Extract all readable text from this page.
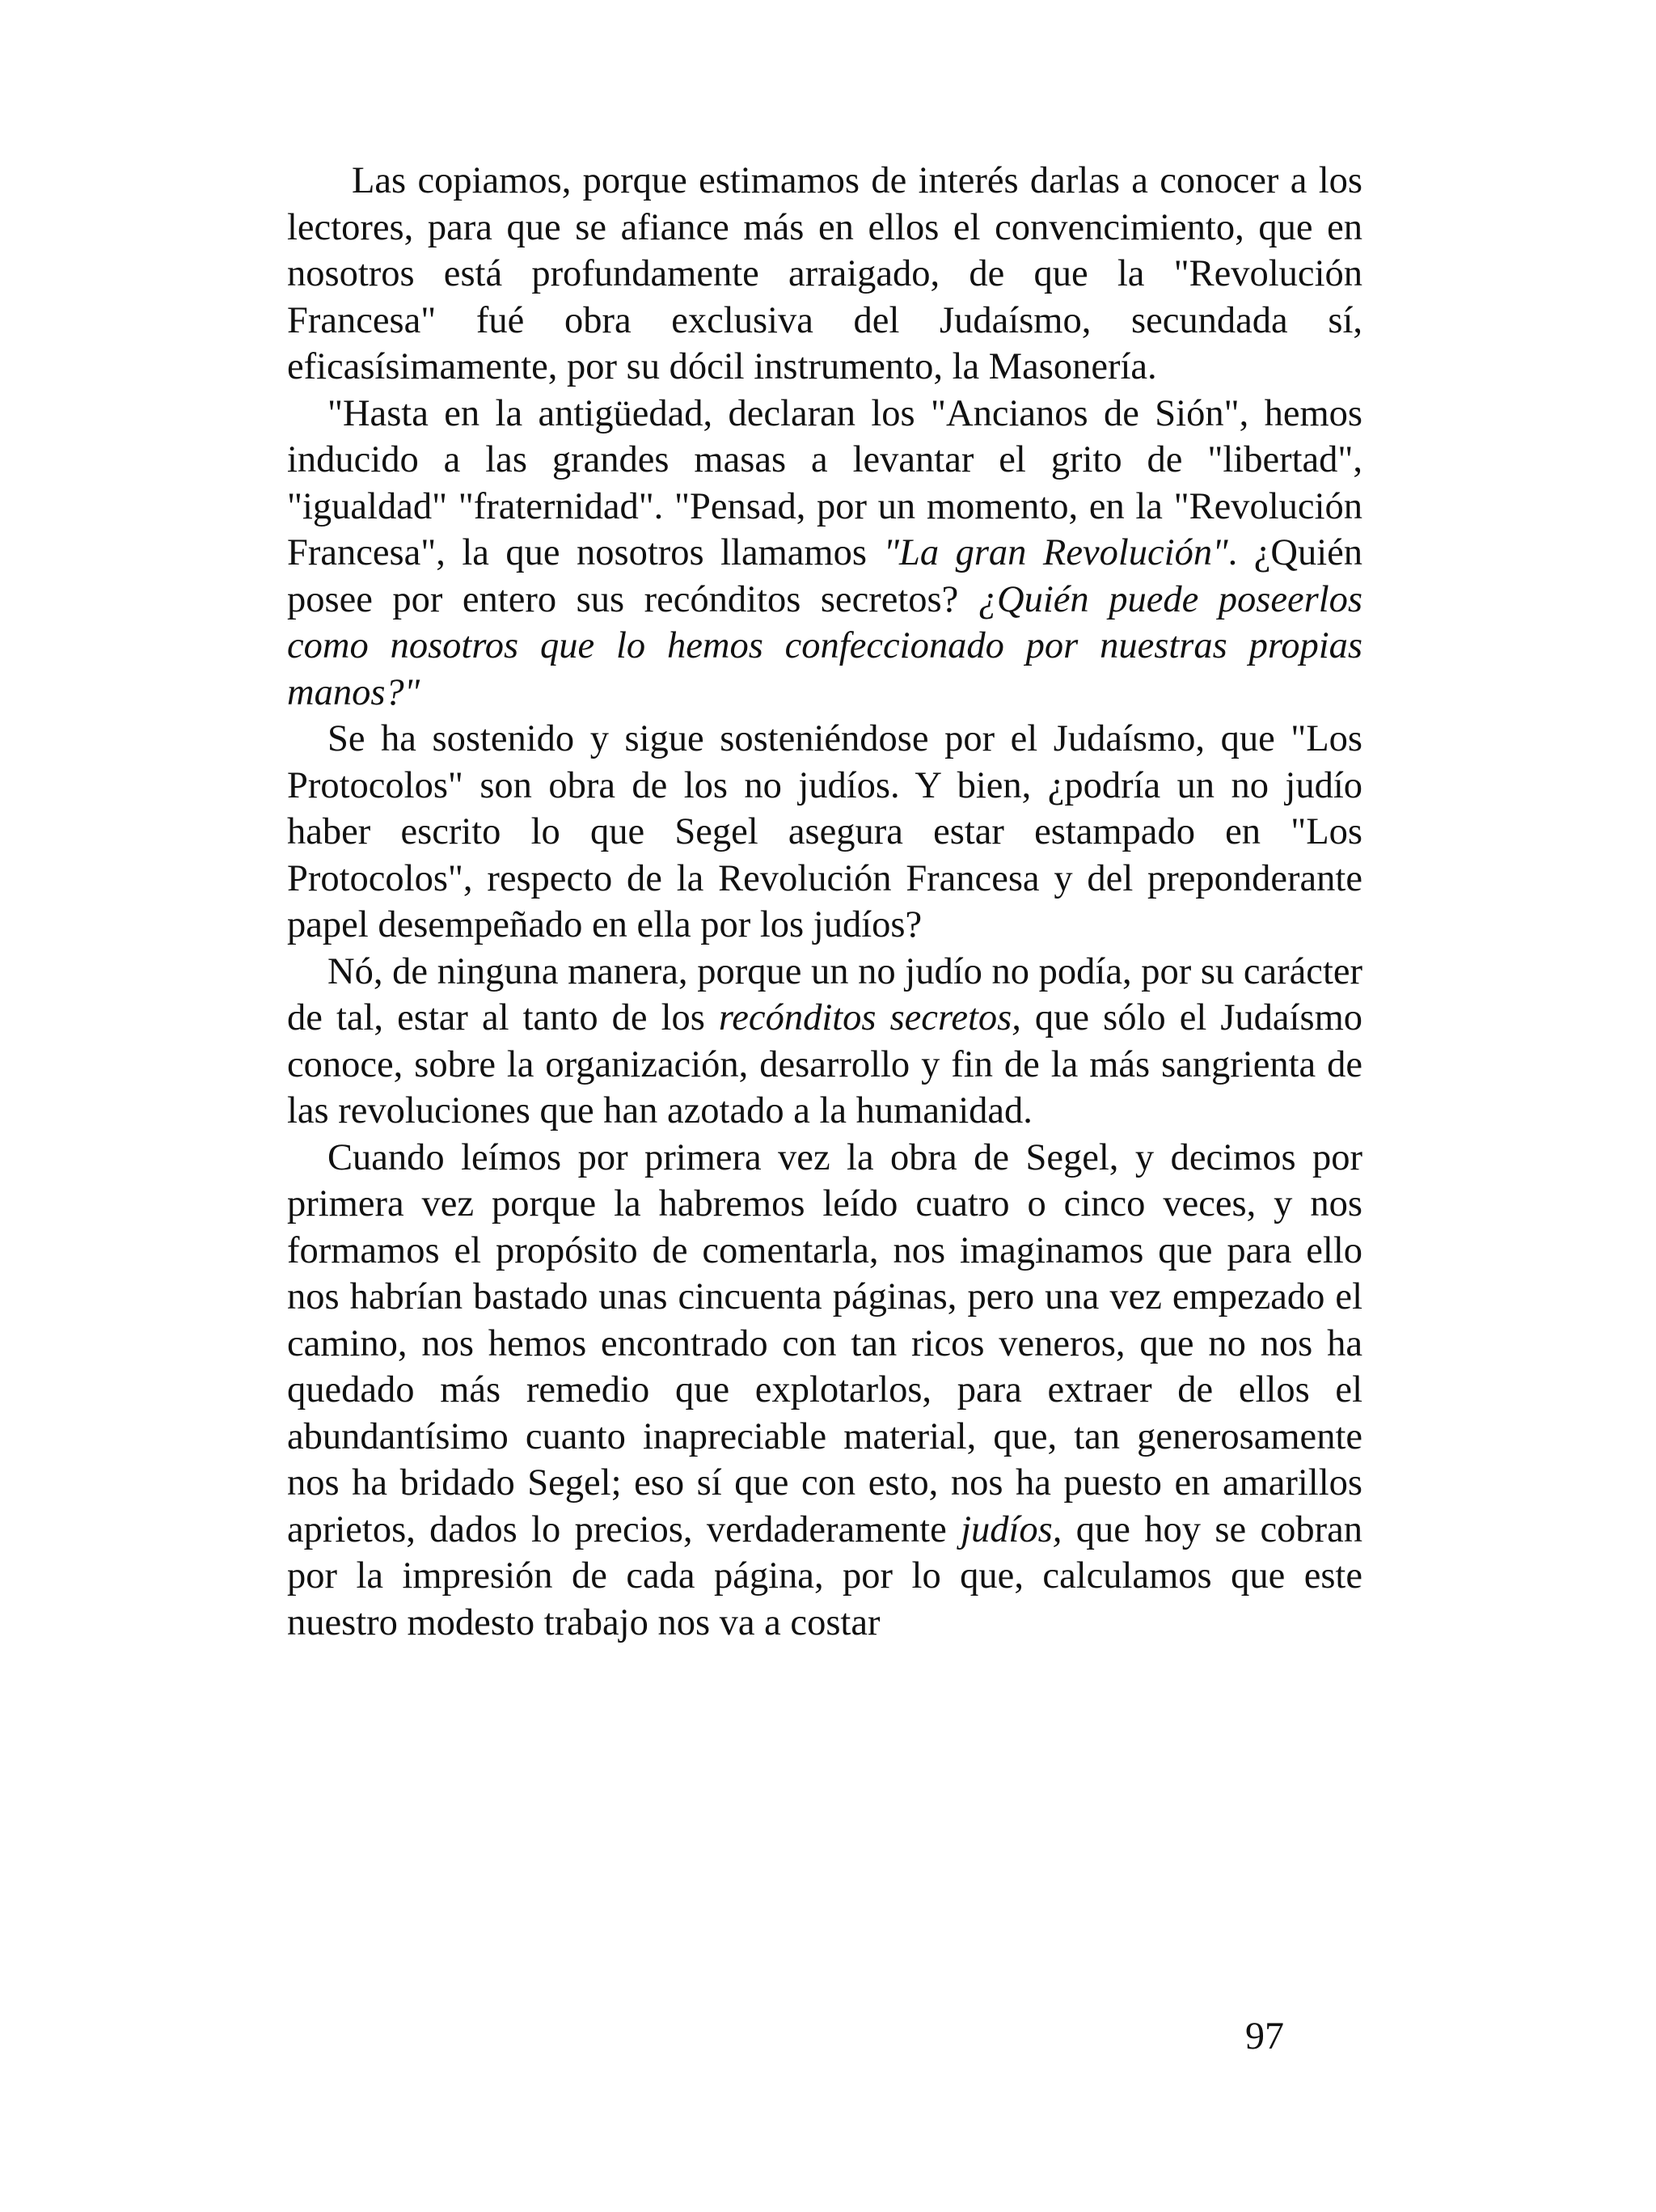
Las copiamos, porque estimamos de interés darlas a conocer a los lectores, para que se afiance más en ellos el convencimiento, que en nosotros está profundamente arraigado, de que la "Revolución Francesa" fué obra exclusiva del Judaísmo, secundada sí, eficasísimamente, por su dócil instrumento, la Masonería.

"Hasta en la antigüedad, declaran los "Ancianos de Sión", hemos inducido a las grandes masas a levantar el grito de "libertad", "igualdad" "fraternidad". "Pensad, por un momento, en la "Revolución Francesa", la que nosotros llamamos "La gran Revolución". ¿Quién posee por entero sus recónditos secretos? ¿Quién puede poseerlos como nosotros que lo hemos confeccionado por nuestras propias manos?"

Se ha sostenido y sigue sosteniéndose por el Judaísmo, que "Los Protocolos" son obra de los no judíos. Y bien, ¿podría un no judío haber escrito lo que Segel asegura estar estampado en "Los Protocolos", respecto de la Revolución Francesa y del preponderante papel desempeñado en ella por los judíos?

Nó, de ninguna manera, porque un no judío no podía, por su carácter de tal, estar al tanto de los recónditos secretos, que sólo el Judaísmo conoce, sobre la organización, desarrollo y fin de la más sangrienta de las revoluciones que han azotado a la humanidad.

Cuando leímos por primera vez la obra de Segel, y decimos por primera vez porque la habremos leído cuatro o cinco veces, y nos formamos el propósito de comentarla, nos imaginamos que para ello nos habrían bastado unas cincuenta páginas, pero una vez empezado el camino, nos hemos encontrado con tan ricos veneros, que no nos ha quedado más remedio que explotarlos, para extraer de ellos el abundantísimo cuanto inapreciable material, que, tan generosamente nos ha bridado Segel; eso sí que con esto, nos ha puesto en amarillos aprietos, dados lo precios, verdaderamente judíos, que hoy se cobran por la impresión de cada página, por lo que, calculamos que este nuestro modesto trabajo nos va a costar

97
